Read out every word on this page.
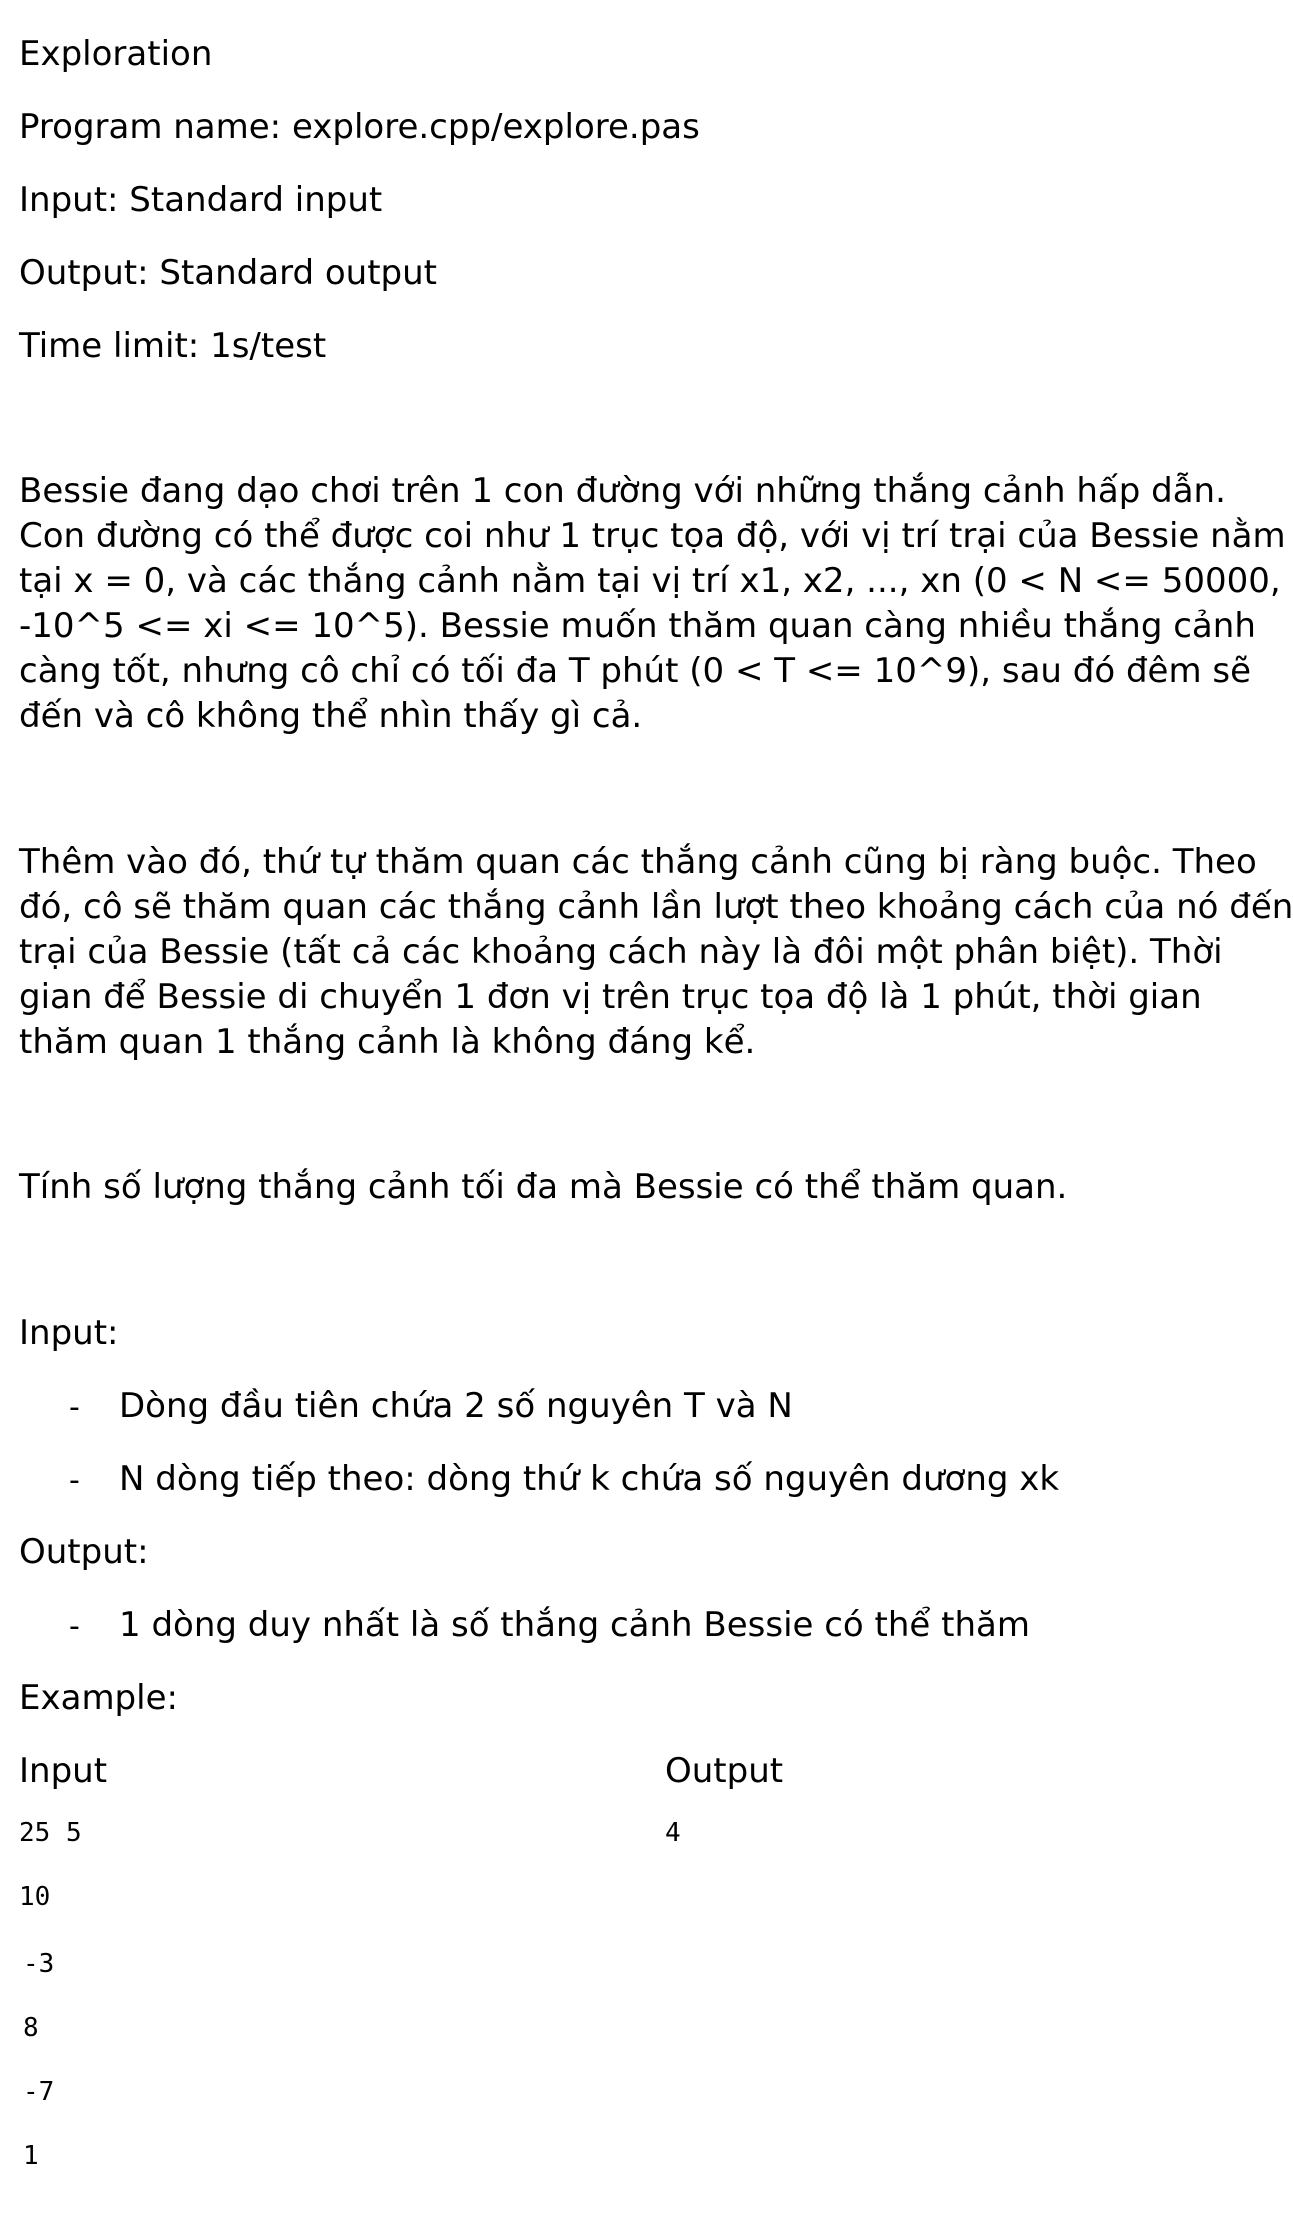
Exploration
Program name: explore.cpp/explore.pas
Input: Standard input
Output: Standard output
Time limit: 1s/test
Bessie đang dạo chơi trên 1 con đường với những thắng cảnh hấp dẫn.
Con đường có thể được coi như 1 trục tọa độ, với vị trí trại của Bessie nằm
tại x = 0, và các thắng cảnh nằm tại vị trí x1, x2, ..., xn (0 < N <= 50000,
-10^5 <= xi <= 10^5). Bessie muốn thăm quan càng nhiều thắng cảnh
càng tốt, nhưng cô chỉ có tối đa T phút (0 < T <= 10^9), sau đó đêm sẽ
đến và cô không thể nhìn thấy gì cả.
Thêm vào đó, thứ tự thăm quan các thắng cảnh cũng bị ràng buộc. Theo
đó, cô sẽ thăm quan các thắng cảnh lần lượt theo khoảng cách của nó đến
trại của Bessie (tất cả các khoảng cách này là đôi một phân biệt). Thời
gian để Bessie di chuyển 1 đơn vị trên trục tọa độ là 1 phút, thời gian
thăm quan 1 thắng cảnh là không đáng kể.
Tính số lượng thắng cảnh tối đa mà Bessie có thể thăm quan.
Input:
- Dòng đầu tiên chứa 2 số nguyên T và N
- N dòng tiếp theo: dòng thứ k chứa số nguyên dương xk
Output:
- 1 dòng duy nhất là số thắng cảnh Bessie có thể thăm
Example:
Input	Output
25 5
10
-3
8
-7
1
4
